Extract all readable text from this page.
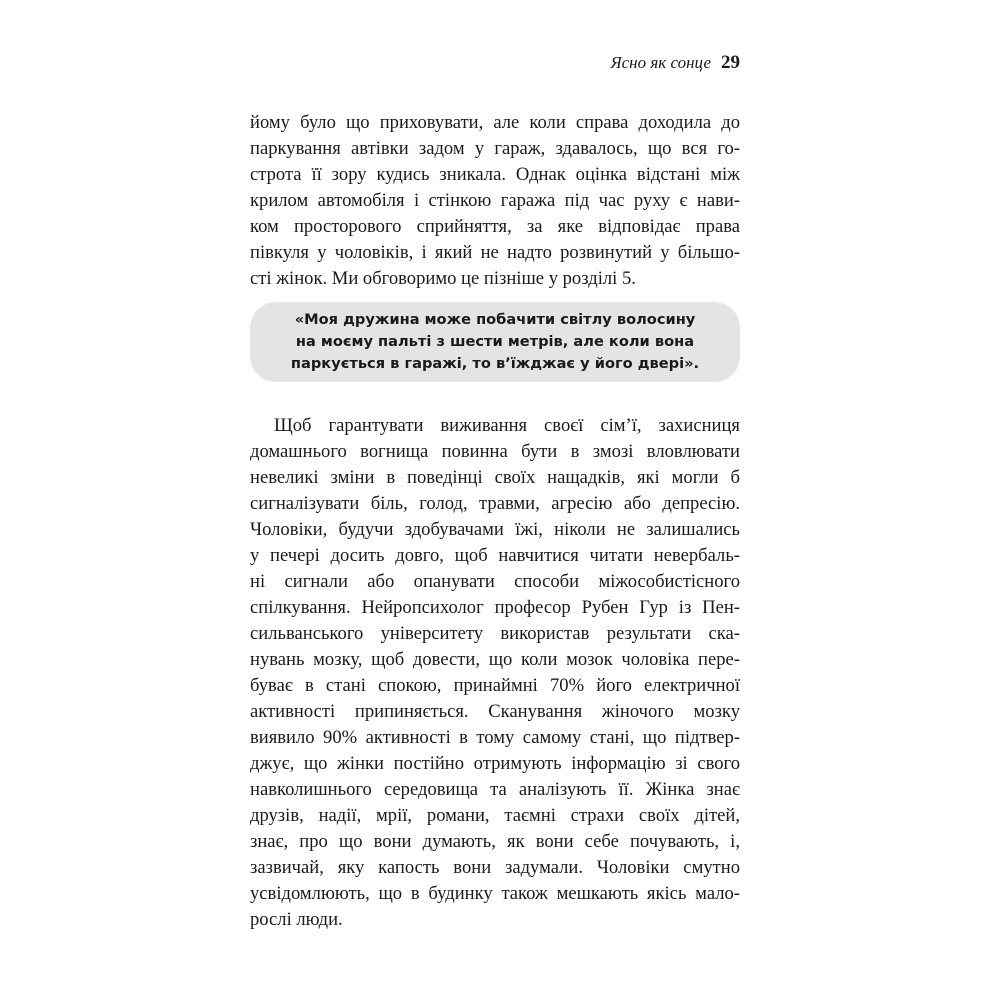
Ясно як сонце 29

йому було що приховувати, але коли справа доходила до
паркування автівки задом у гараж, здавалось, що вся го-
строта її зору кудись зникала. Однак оцінка відстані між
крилом автомобіля і стінкою гаража під час руху є нави-
ком просторового сприйняття, за яке відповідає права
півкуля у чоловіків, і який не надто розвинутий у більшо-
сті жінок. Ми обговоримо це пізніше у розділі 5.

«Моя дружина може побачити світлу волосину
на моєму пальті з шести метрів, але коли вона
паркується в гаражі, то в’їжджає у його двері».

Щоб гарантувати виживання своєї сім’ї, захисниця
домашнього вогнища повинна бути в змозі вловлювати
невеликі зміни в поведінці своїх нащадків, які могли б
сигналізувати біль, голод, травми, агресію або депресію.
Чоловіки, будучи здобувачами їжі, ніколи не залишались
у печері досить довго, щоб навчитися читати невербаль-
ні сигнали або опанувати способи міжособистісного
спілкування. Нейропсихолог професор Рубен Гур із Пен-
сильванського університету використав результати ска-
нувань мозку, щоб довести, що коли мозок чоловіка пере-
буває в стані спокою, принаймні 70% його електричної
активності припиняється. Сканування жіночого мозку
виявило 90% активності в тому самому стані, що підтвер-
джує, що жінки постійно отримують інформацію зі свого
навколишнього середовища та аналізують її. Жінка знає
друзів, надії, мрії, романи, таємні страхи своїх дітей,
знає, про що вони думають, як вони себе почувають, і,
зазвичай, яку капость вони задумали. Чоловіки смутно
усвідомлюють, що в будинку також мешкають якісь мало-
рослі люди.
